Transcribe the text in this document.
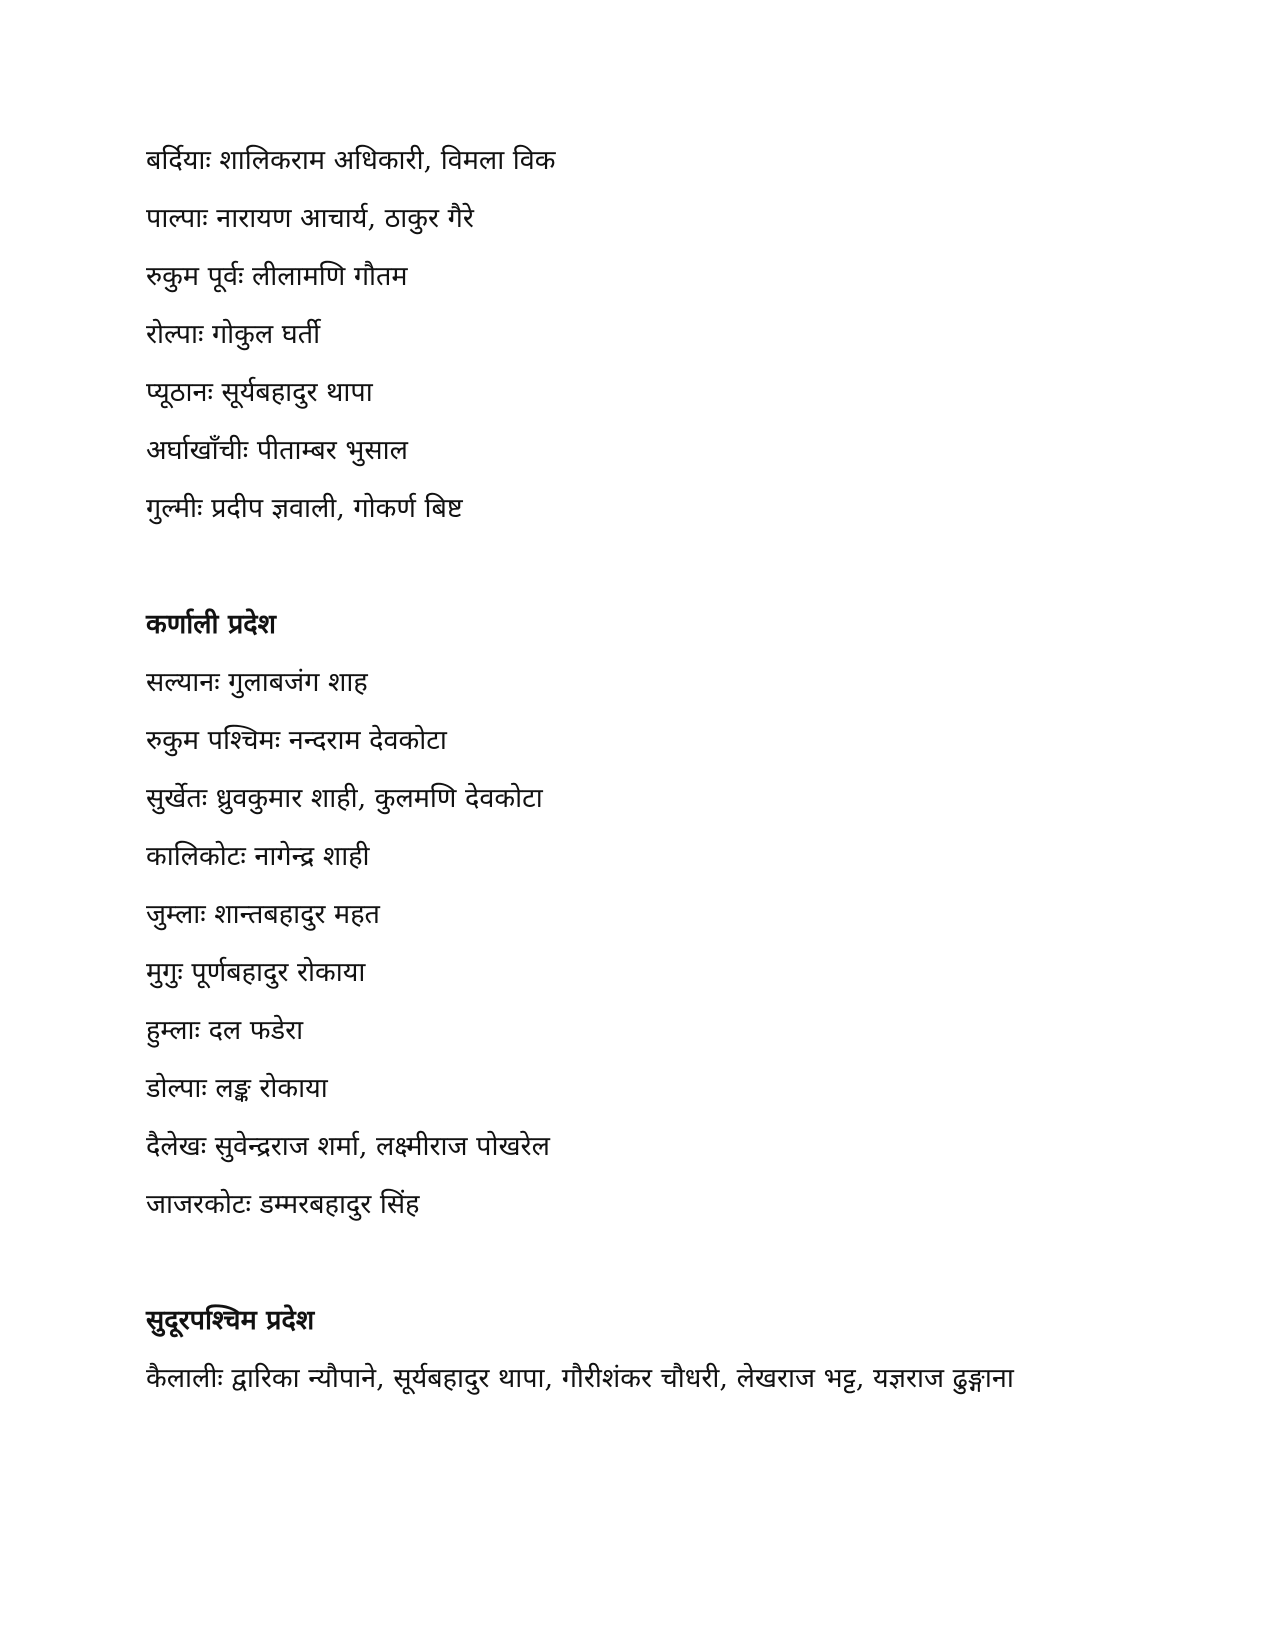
बर्दियाः शालिकराम अधिकारी, विमला विक
पाल्पाः नारायण आचार्य, ठाकुर गैरे
रुकुम पूर्वः लीलामणि गौतम
रोल्पाः गोकुल घर्ती
प्यूठानः सूर्यबहादुर थापा
अर्घाखाँचीः पीताम्बर भुसाल
गुल्मीः प्रदीप ज्ञवाली, गोकर्ण बिष्ट
कर्णाली प्रदेश
सल्यानः गुलाबजंग शाह
रुकुम पश्चिमः नन्दराम देवकोटा
सुर्खेतः ध्रुवकुमार शाही, कुलमणि देवकोटा
कालिकोटः नागेन्द्र शाही
जुम्लाः शान्तबहादुर महत
मुगुः पूर्णबहादुर रोकाया
हुम्लाः दल फडेरा
डोल्पाः लङ्क रोकाया
दैलेखः सुवेन्द्रराज शर्मा, लक्ष्मीराज पोखरेल
जाजरकोटः डम्मरबहादुर सिंह
सुदूरपश्चिम प्रदेश
कैलालीः द्वारिका न्यौपाने, सूर्यबहादुर थापा, गौरीशंकर चौधरी, लेखराज भट्ट, यज्ञराज ढुङ्गाना
